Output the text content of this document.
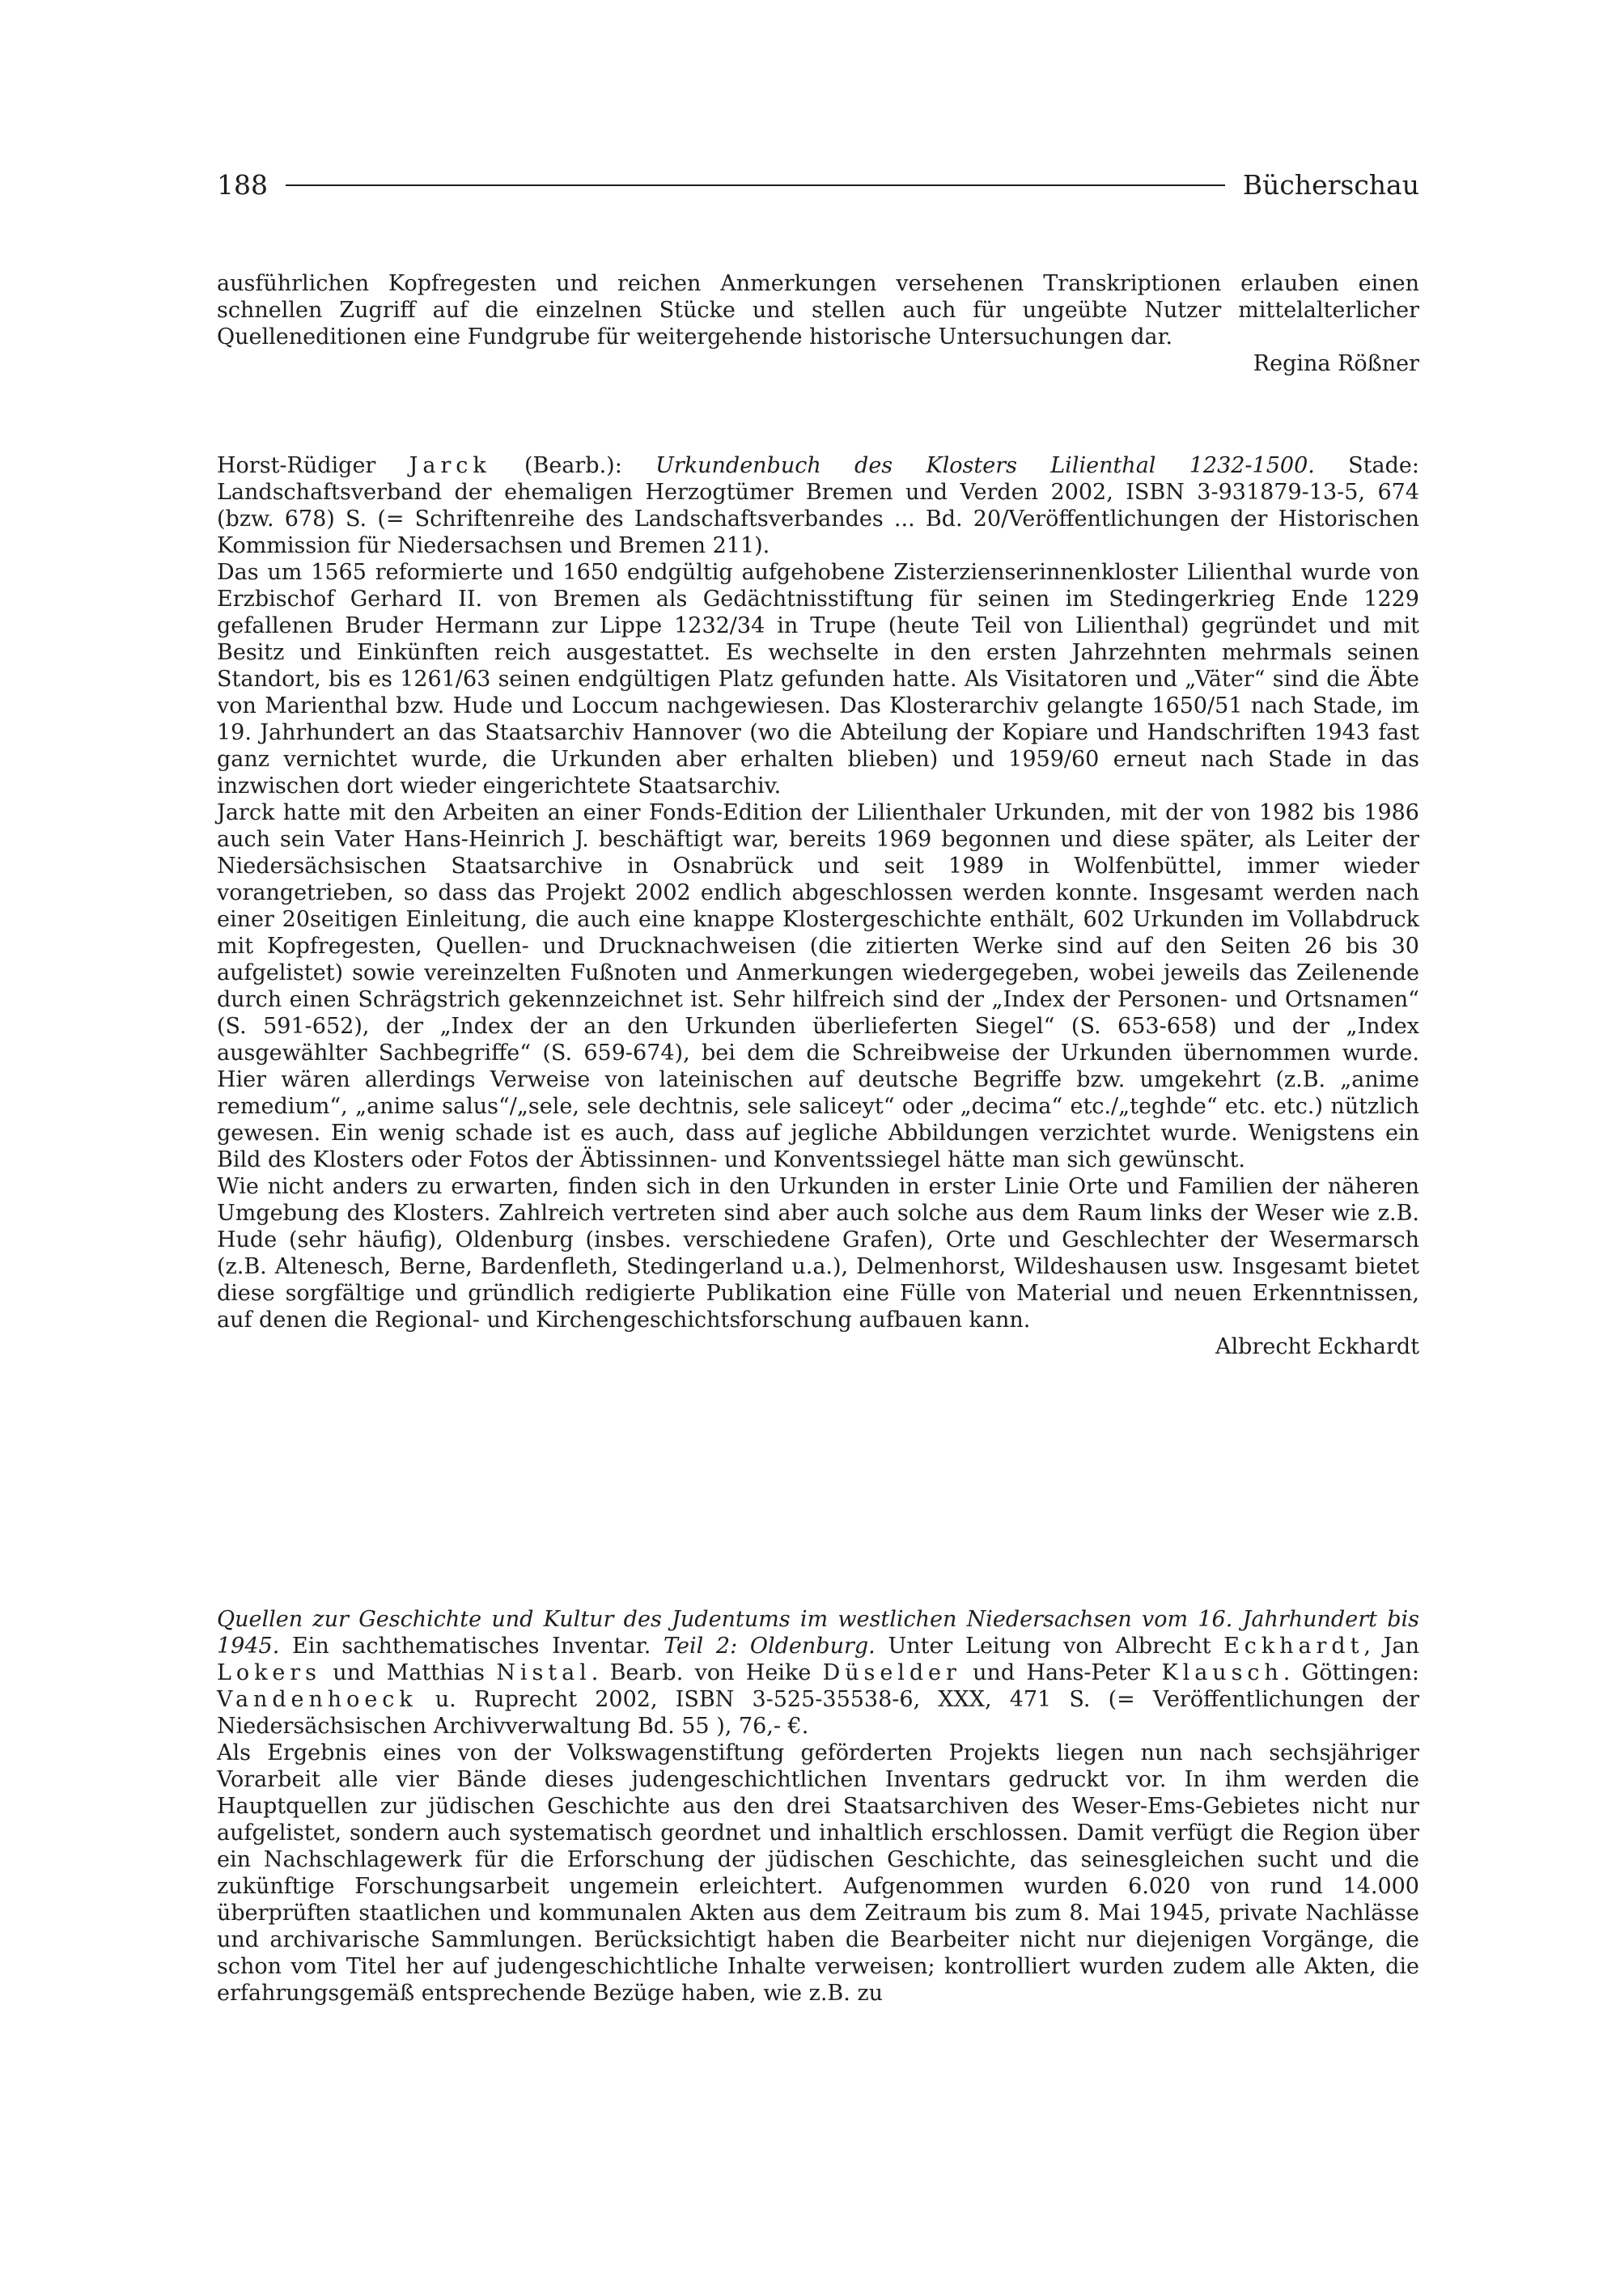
188	Bücherschau

ausführlichen Kopfregesten und reichen Anmerkungen versehenen Transkriptionen erlauben einen schnellen Zugriff auf die einzelnen Stücke und stellen auch für ungeübte Nutzer mittelalterlicher Quelleneditionen eine Fundgrube für weitergehende historische Untersuchungen dar.

Regina Rößner

Horst-Rüdiger Jarck (Bearb.): Urkundenbuch des Klosters Lilienthal 1232-1500. Stade: Landschaftsverband der ehemaligen Herzogtümer Bremen und Verden 2002, ISBN 3-931879-13-5, 674 (bzw. 678) S. (= Schriftenreihe des Landschaftsverbandes ... Bd. 20/Veröffentlichungen der Historischen Kommission für Niedersachsen und Bremen 211).

Das um 1565 reformierte und 1650 endgültig aufgehobene Zisterzienserinnenkloster Lilienthal wurde von Erzbischof Gerhard II. von Bremen als Gedächtnisstiftung für seinen im Stedingerkrieg Ende 1229 gefallenen Bruder Hermann zur Lippe 1232/34 in Trupe (heute Teil von Lilienthal) gegründet und mit Besitz und Einkünften reich ausgestattet. Es wechselte in den ersten Jahrzehnten mehrmals seinen Standort, bis es 1261/63 seinen endgültigen Platz gefunden hatte. Als Visitatoren und „Väter“ sind die Äbte von Marienthal bzw. Hude und Loccum nachgewiesen. Das Klosterarchiv gelangte 1650/51 nach Stade, im 19. Jahrhundert an das Staatsarchiv Hannover (wo die Abteilung der Kopiare und Handschriften 1943 fast ganz vernichtet wurde, die Urkunden aber erhalten blieben) und 1959/60 erneut nach Stade in das inzwischen dort wieder eingerichtete Staatsarchiv.

Jarck hatte mit den Arbeiten an einer Fonds-Edition der Lilienthaler Urkunden, mit der von 1982 bis 1986 auch sein Vater Hans-Heinrich J. beschäftigt war, bereits 1969 begonnen und diese später, als Leiter der Niedersächsischen Staatsarchive in Osnabrück und seit 1989 in Wolfenbüttel, immer wieder vorangetrieben, so dass das Projekt 2002 endlich abgeschlossen werden konnte. Insgesamt werden nach einer 20seitigen Einleitung, die auch eine knappe Klostergeschichte enthält, 602 Urkunden im Vollabdruck mit Kopfregesten, Quellen- und Drucknachweisen (die zitierten Werke sind auf den Seiten 26 bis 30 aufgelistet) sowie vereinzelten Fußnoten und Anmerkungen wiedergegeben, wobei jeweils das Zeilenende durch einen Schrägstrich gekennzeichnet ist. Sehr hilfreich sind der „Index der Personen- und Ortsnamen“ (S. 591-652), der „Index der an den Urkunden überlieferten Siegel“ (S. 653-658) und der „Index ausgewählter Sachbegriffe“ (S. 659-674), bei dem die Schreibweise der Urkunden übernommen wurde. Hier wären allerdings Verweise von lateinischen auf deutsche Begriffe bzw. umgekehrt (z.B. „anime remedium“, „anime salus“/„sele, sele dechtnis, sele saliceyt“ oder „decima“ etc./„teghde“ etc. etc.) nützlich gewesen. Ein wenig schade ist es auch, dass auf jegliche Abbildungen verzichtet wurde. Wenigstens ein Bild des Klosters oder Fotos der Äbtissinnen- und Konventssiegel hätte man sich gewünscht.

Wie nicht anders zu erwarten, finden sich in den Urkunden in erster Linie Orte und Familien der näheren Umgebung des Klosters. Zahlreich vertreten sind aber auch solche aus dem Raum links der Weser wie z.B. Hude (sehr häufig), Oldenburg (insbes. verschiedene Grafen), Orte und Geschlechter der Wesermarsch (z.B. Altenesch, Berne, Bardenfleth, Stedingerland u.a.), Delmenhorst, Wildeshausen usw. Insgesamt bietet diese sorgfältige und gründlich redigierte Publikation eine Fülle von Material und neuen Erkenntnissen, auf denen die Regional- und Kirchengeschichtsforschung aufbauen kann.

Albrecht Eckhardt

Quellen zur Geschichte und Kultur des Judentums im westlichen Niedersachsen vom 16. Jahrhundert bis 1945. Ein sachthematisches Inventar. Teil 2: Oldenburg. Unter Leitung von Albrecht Eckhardt, Jan Lokers und Matthias Nistal. Bearb. von Heike Düselder und Hans-Peter Klausch. Göttingen: Vandenhoeck u. Ruprecht 2002, ISBN 3-525-35538-6, XXX, 471 S. (= Veröffentlichungen der Niedersächsischen Archivverwaltung Bd. 55 ), 76,- €.

Als Ergebnis eines von der Volkswagenstiftung geförderten Projekts liegen nun nach sechsjähriger Vorarbeit alle vier Bände dieses judengeschichtlichen Inventars gedruckt vor. In ihm werden die Hauptquellen zur jüdischen Geschichte aus den drei Staatsarchiven des Weser-Ems-Gebietes nicht nur aufgelistet, sondern auch systematisch geordnet und inhaltlich erschlossen. Damit verfügt die Region über ein Nachschlagewerk für die Erforschung der jüdischen Geschichte, das seinesgleichen sucht und die zukünftige Forschungsarbeit ungemein erleichtert. Aufgenommen wurden 6.020 von rund 14.000 überprüften staatlichen und kommunalen Akten aus dem Zeitraum bis zum 8. Mai 1945, private Nachlässe und archivarische Sammlungen. Berücksichtigt haben die Bearbeiter nicht nur diejenigen Vorgänge, die schon vom Titel her auf judengeschichtliche Inhalte verweisen; kontrolliert wurden zudem alle Akten, die erfahrungsgemäß entsprechende Bezüge haben, wie z.B. zu
